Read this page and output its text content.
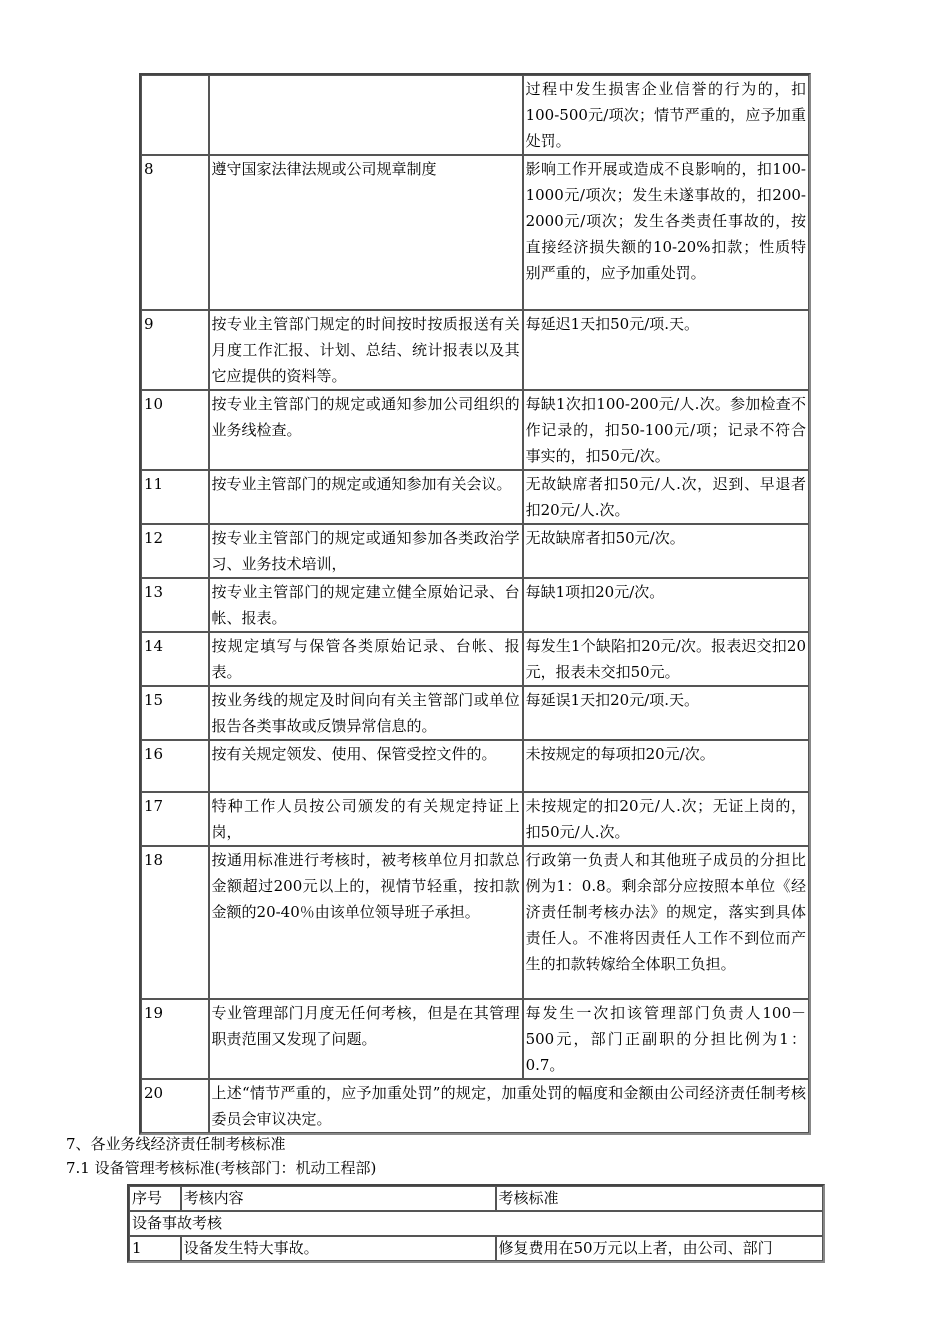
		过程中发生损害企业信誉的行为的，扣100-500元/项次；情节严重的，应予加重处罚。
8	遵守国家法律法规或公司规章制度	影响工作开展或造成不良影响的，扣100-1000元/项次；发生未遂事故的，扣200-2000元/项次；发生各类责任事故的，按直接经济损失额的10-20%扣款；性质特别严重的，应予加重处罚。
9	按专业主管部门规定的时间按时按质报送有关月度工作汇报、计划、总结、统计报表以及其它应提供的资料等。	每延迟1天扣50元/项.天。
10	按专业主管部门的规定或通知参加公司组织的业务线检查。	每缺1次扣100-200元/人.次。参加检查不作记录的，扣50-100元/项；记录不符合事实的，扣50元/次。
11	按专业主管部门的规定或通知参加有关会议。	无故缺席者扣50元/人.次，迟到、早退者扣20元/人.次。
12	按专业主管部门的规定或通知参加各类政治学习、业务技术培训，	无故缺席者扣50元/次。
13	按专业主管部门的规定建立健全原始记录、台帐、报表。	每缺1项扣20元/次。
14	按规定填写与保管各类原始记录、台帐、报表。	每发生1个缺陷扣20元/次。报表迟交扣20元，报表未交扣50元。
15	按业务线的规定及时间向有关主管部门或单位报告各类事故或反馈异常信息的。	每延误1天扣20元/项.天。
16	按有关规定领发、使用、保管受控文件的。	未按规定的每项扣20元/次。
17	特种工作人员按公司颁发的有关规定持证上岗，	未按规定的扣20元/人.次；无证上岗的，扣50元/人.次。
18	按通用标准进行考核时，被考核单位月扣款总金额超过200元以上的，视情节轻重，按扣款金额的20-40％由该单位领导班子承担。	行政第一负责人和其他班子成员的分担比例为1：0.8。剩余部分应按照本单位《经济责任制考核办法》的规定，落实到具体责任人。不准将因责任人工作不到位而产生的扣款转嫁给全体职工负担。
19	专业管理部门月度无任何考核，但是在其管理职责范围又发现了问题。	每发生一次扣该管理部门负责人100－500元，部门正副职的分担比例为1：0.7。
20	上述“情节严重的，应予加重处罚”的规定，加重处罚的幅度和金额由公司经济责任制考核委员会审议决定。	
7、各业务线经济责任制考核标准
7.1 设备管理考核标准(考核部门：机动工程部)
序号	考核内容	考核标准
设备事故考核		
1	设备发生特大事故。	修复费用在50万元以上者，由公司、部门
